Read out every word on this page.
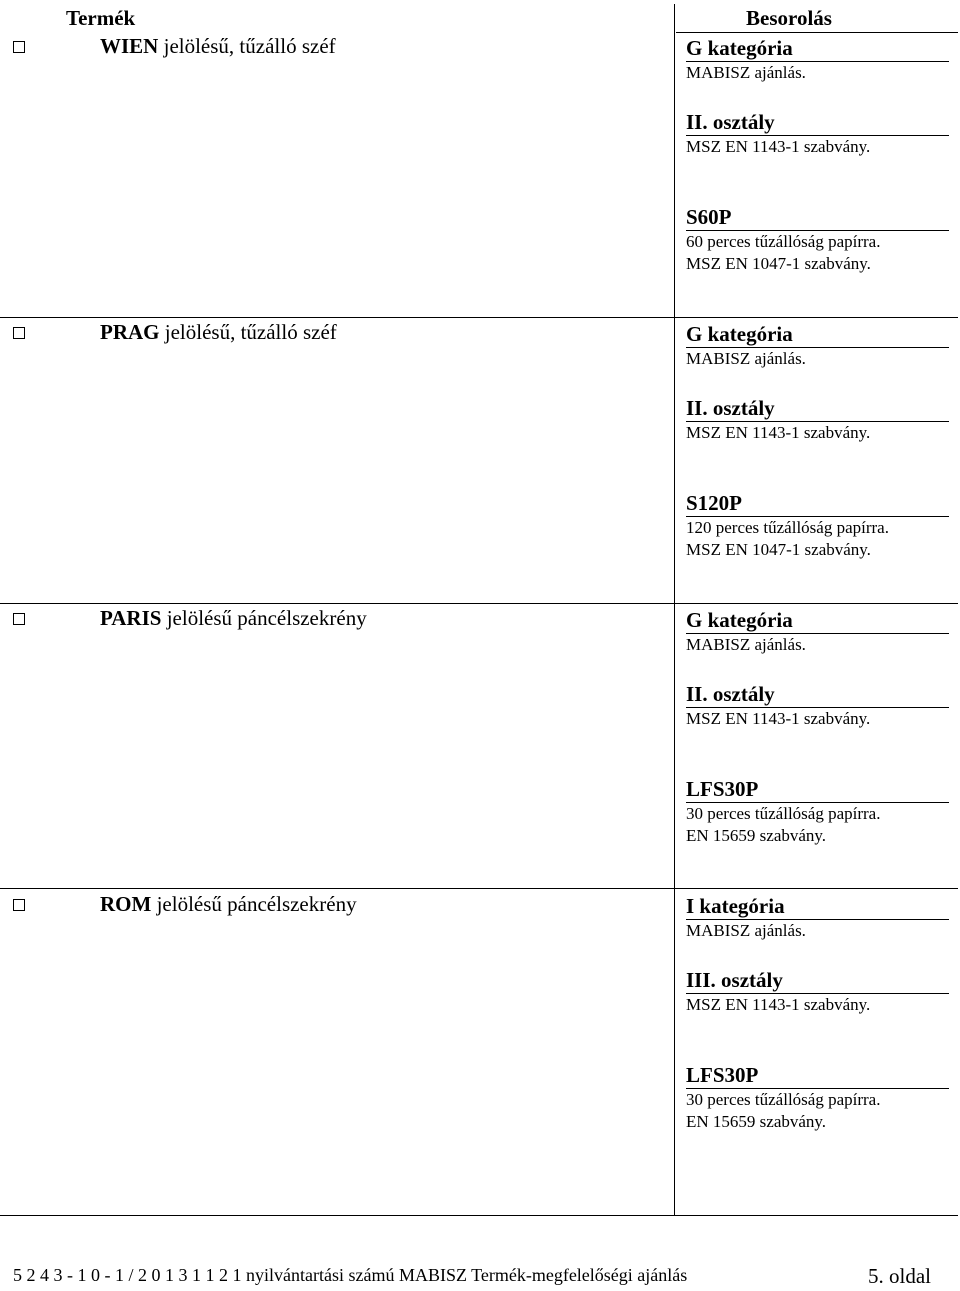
Termék	Besorolás
WIEN jelölésű, tűzálló széf	G kategória
MABISZ ajánlás.
II. osztály
MSZ EN 1143-1 szabvány.
S60P
60 perces tűzállóság papírra.
MSZ EN 1047-1 szabvány.
PRAG jelölésű, tűzálló széf	G kategória
MABISZ ajánlás.
II. osztály
MSZ EN 1143-1 szabvány.
S120P
120 perces tűzállóság papírra.
MSZ EN 1047-1 szabvány.
PARIS jelölésű páncélszekrény	G kategória
MABISZ ajánlás.
II. osztály
MSZ EN 1143-1 szabvány.
LFS30P
30 perces tűzállóság papírra.
EN 15659 szabvány.
ROM jelölésű páncélszekrény	I kategória
MABISZ ajánlás.
III. osztály
MSZ EN 1143-1 szabvány.
LFS30P
30 perces tűzállóság papírra.
EN 15659 szabvány.
5 2 4 3 - 1 0 - 1 / 2 0 1 3 1 1 2 1 nyilvántartási számú MABISZ Termék-megfelelőségi ajánlás	5. oldal
